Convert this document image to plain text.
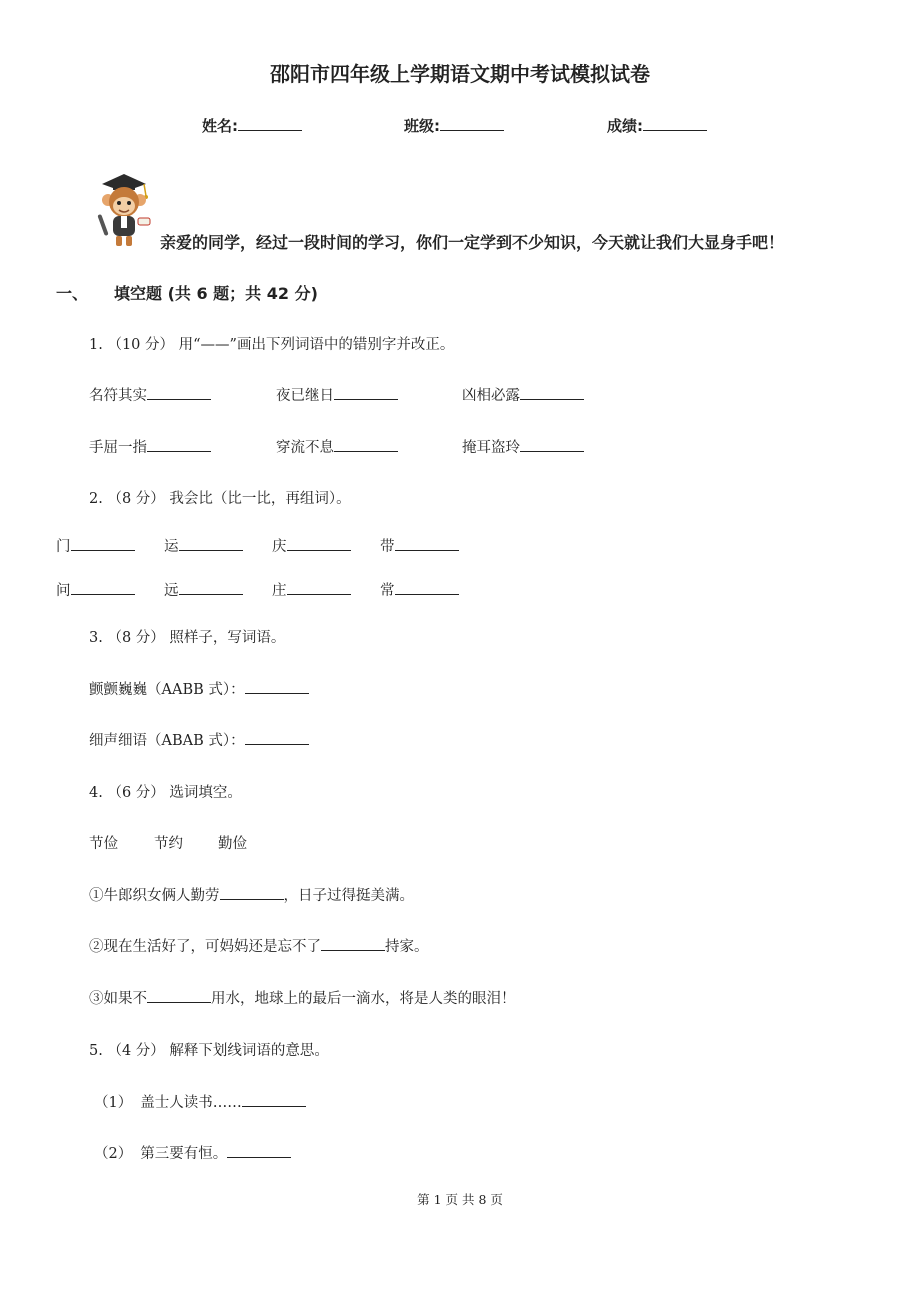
邵阳市四年级上学期语文期中考试模拟试卷
姓名:	班级:	成绩:
亲爱的同学，经过一段时间的学习，你们一定学到不少知识，今天就让我们大显身手吧！
一、 填空题 (共 6 题；共 42 分)
1. （10 分） 用“——”画出下列词语中的错别字并改正。
名符其实	夜已继日	凶相必露
手屈一指	穿流不息	掩耳盗玲
2. （8 分） 我会比（比一比，再组词）。
门	运	庆	带
问	远	庄	常
3. （8 分） 照样子，写词语。
颤颤巍巍（AABB 式）：
细声细语（ABAB 式）：
4. （6 分） 选词填空。
节俭 节约 勤俭
①牛郎织女俩人勤劳	，日子过得挺美满。
②现在生活好了，可妈妈还是忘不了	持家。
③如果不	用水，地球上的最后一滴水，将是人类的眼泪！
5. （4 分） 解释下划线词语的意思。
（1） 盖士人读书……
（2） 第三要有恒。
第 1 页 共 8 页
